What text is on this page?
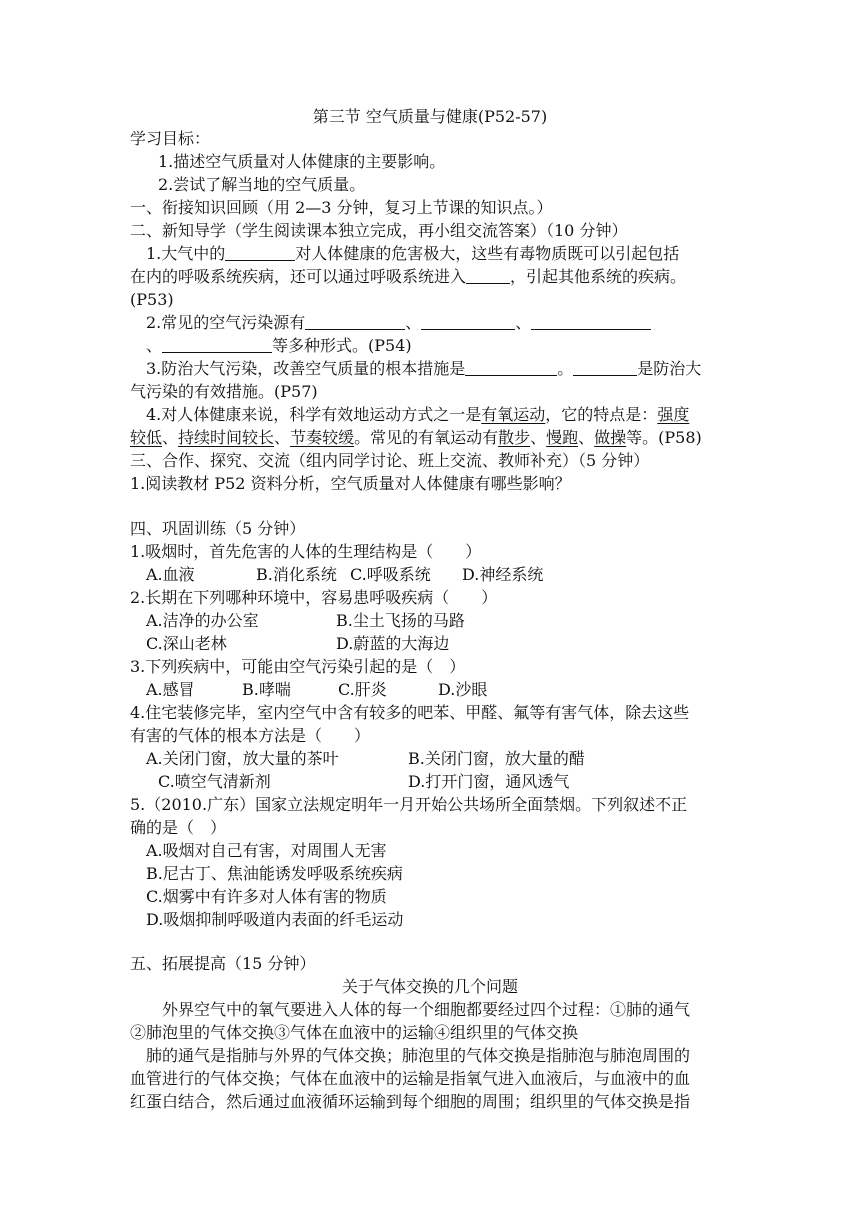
第三节 空气质量与健康(P52-57)
学习目标：
1.描述空气质量对人体健康的主要影响。
2.尝试了解当地的空气质量。
一、衔接知识回顾（用 2—3 分钟，复习上节课的知识点。）
二、新知导学（学生阅读课本独立完成，再小组交流答案）（10 分钟）
1.大气中的	对人体健康的危害极大，这些有毒物质既可以引起包括
在内的呼吸系统疾病，还可以通过呼吸系统进入	，引起其他系统的疾病。
(P53)
2.常见的空气污染源有	、	、
、	等多种形式。(P54)
3.防治大气污染，改善空气质量的根本措施是	。	是防治大
气污染的有效措施。(P57)
4.对人体健康来说，科学有效地运动方式之一是有氧运动，它的特点是：强度
较低、持续时间较长、节奏较缓。常见的有氧运动有散步、慢跑、做操等。(P58)
三、合作、探究、交流（组内同学讨论、班上交流、教师补充）（5 分钟）
1.阅读教材 P52 资料分析，空气质量对人体健康有哪些影响？
四、巩固训练（5 分钟）
1.吸烟时，首先危害的人体的生理结构是（　　）
A.血液	B.消化系统 C.呼吸系统 D.神经系统
2.长期在下列哪种环境中，容易患呼吸疾病（　　）
A.洁净的办公室	B.尘土飞扬的马路
C.深山老林	D.蔚蓝的大海边
3.下列疾病中，可能由空气污染引起的是（　）
A.感冒	B.哮喘	C.肝炎	D.沙眼
4.住宅装修完毕，室内空气中含有较多的吧苯、甲醛、氟等有害气体，除去这些
有害的气体的根本方法是（　　）
A.关闭门窗，放大量的茶叶	B.关闭门窗，放大量的醋
C.喷空气清新剂	D.打开门窗，通风透气
5.（2010.广东）国家立法规定明年一月开始公共场所全面禁烟。下列叙述不正
确的是（　）
A.吸烟对自己有害，对周围人无害
B.尼古丁、焦油能诱发呼吸系统疾病
C.烟雾中有许多对人体有害的物质
D.吸烟抑制呼吸道内表面的纤毛运动
五、拓展提高（15 分钟）
关于气体交换的几个问题
外界空气中的氧气要进入人体的每一个细胞都要经过四个过程：①肺的通气
②肺泡里的气体交换③气体在血液中的运输④组织里的气体交换
肺的通气是指肺与外界的气体交换；肺泡里的气体交换是指肺泡与肺泡周围的
血管进行的气体交换；气体在血液中的运输是指氧气进入血液后，与血液中的血
红蛋白结合，然后通过血液循环运输到每个细胞的周围；组织里的气体交换是指
